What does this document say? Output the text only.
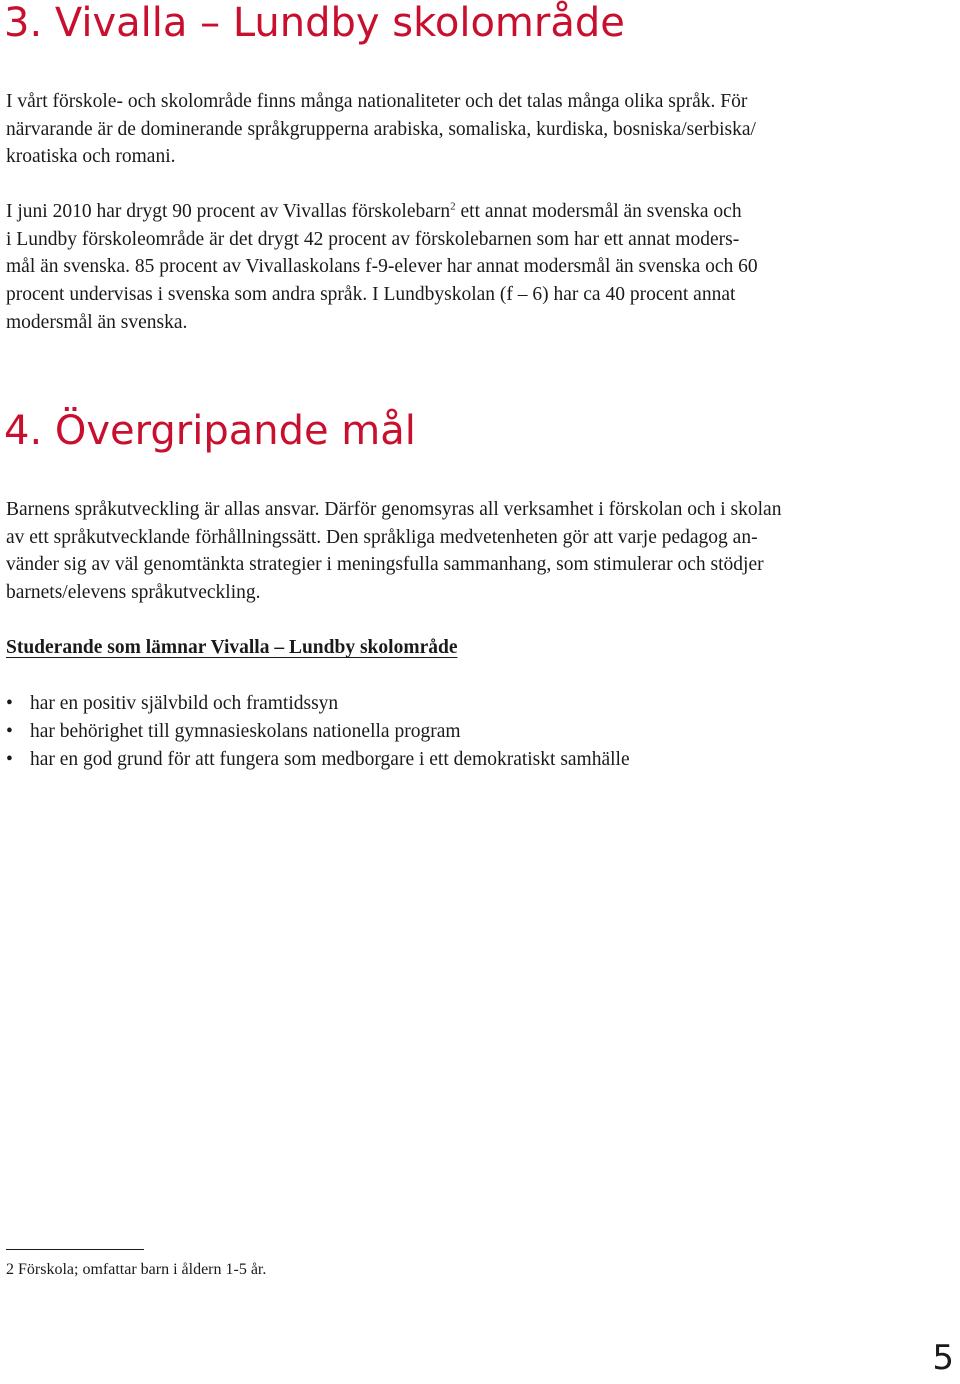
3. Vivalla – Lundby skolområde

I vårt förskole- och skolområde finns många nationaliteter och det talas många olika språk. För
närvarande är de dominerande språkgrupperna arabiska, somaliska, kurdiska, bosniska/serbiska/
kroatiska och romani.

I juni 2010 har drygt 90 procent av Vivallas förskolebarn$^2$ ett annat modersmål än svenska och
i Lundby förskoleområde är det drygt 42 procent av förskolebarnen som har ett annat moders-
mål än svenska. 85 procent av Vivallaskolans f-9-elever har annat modersmål än svenska och 60
procent undervisas i svenska som andra språk. I Lundbyskolan (f – 6) har ca 40 procent annat
modersmål än svenska.

4. Övergripande mål

Barnens språkutveckling är allas ansvar. Därför genomsyras all verksamhet i förskolan och i skolan
av ett språkutvecklande förhållningssätt. Den språkliga medvetenheten gör att varje pedagog an-
vänder sig av väl genomtänkta strategier i meningsfulla sammanhang, som stimulerar och stödjer
barnets/elevens språkutveckling.

Studerande som lämnar Vivalla – Lundby skolområde

• har en positiv självbild och framtidssyn
• har behörighet till gymnasieskolans nationella program
• har en god grund för att fungera som medborgare i ett demokratiskt samhälle

2 Förskola; omfattar barn i åldern 1-5 år.

5
